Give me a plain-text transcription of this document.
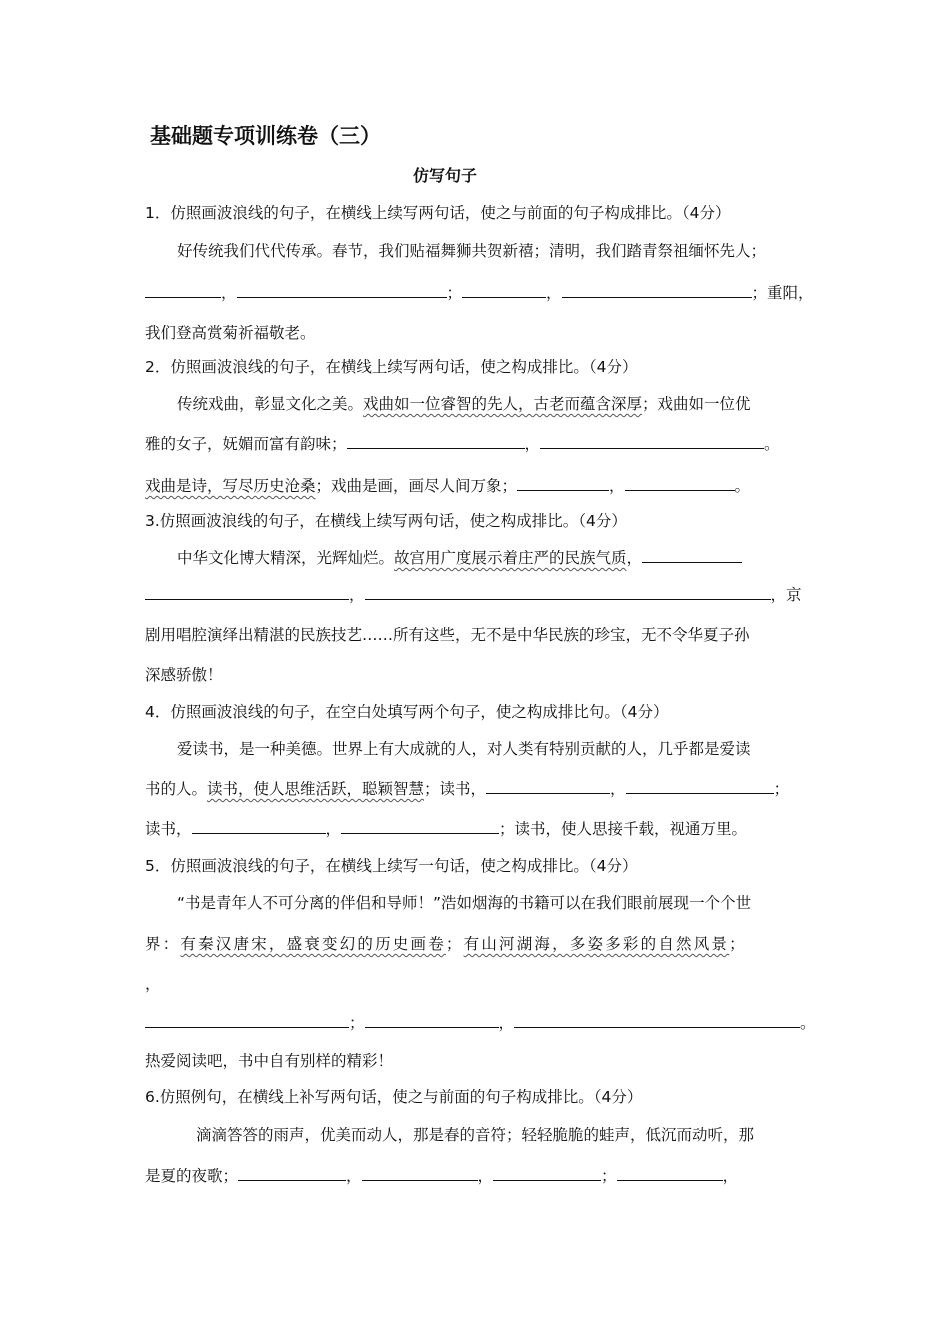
基础题专项训练卷（三）
仿写句子
1．仿照画波浪线的句子，在横线上续写两句话，使之与前面的句子构成排比。（4分）
好传统我们代代传承。春节，我们贴福舞狮共贺新禧；清明，我们踏青祭祖缅怀先人；
，	；	，	；重阳，
我们登高赏菊祈福敬老。
2．仿照画波浪线的句子，在横线上续写两句话，使之构成排比。（4分）
传统戏曲，彰显文化之美。戏曲如一位睿智的先人，古老而蕴含深厚；戏曲如一位优
雅的女子，妩媚而富有韵味；	，	。
戏曲是诗，写尽历史沧桑；戏曲是画，画尽人间万象；	，	。
3.仿照画波浪线的句子，在横线上续写两句话，使之构成排比。（4分）
中华文化博大精深，光辉灿烂。故宫用广度展示着庄严的民族气质，
，	，京
剧用唱腔演绎出精湛的民族技艺……所有这些，无不是中华民族的珍宝，无不令华夏子孙
深感骄傲！
4．仿照画波浪线的句子，在空白处填写两个句子，使之构成排比句。（4分）
爱读书，是一种美德。世界上有大成就的人，对人类有特别贡献的人，几乎都是爱读
书的人。读书，使人思维活跃，聪颖智慧；读书，	，	；
读书，	，	；读书，使人思接千载，视通万里。
5．仿照画波浪线的句子，在横线上续写一句话，使之构成排比。（4分）
“书是青年人不可分离的伴侣和导师！”浩如烟海的书籍可以在我们眼前展现一个个世
界：有秦汉唐宋，盛衰变幻的历史画卷；有山河湖海，多姿多彩的自然风景；
，
；	，	。
热爱阅读吧，书中自有别样的精彩！
6.仿照例句，在横线上补写两句话，使之与前面的句子构成排比。（4分）
滴滴答答的雨声，优美而动人，那是春的音符；轻轻脆脆的蛙声，低沉而动听，那
是夏的夜歌；	，	，	；	，
